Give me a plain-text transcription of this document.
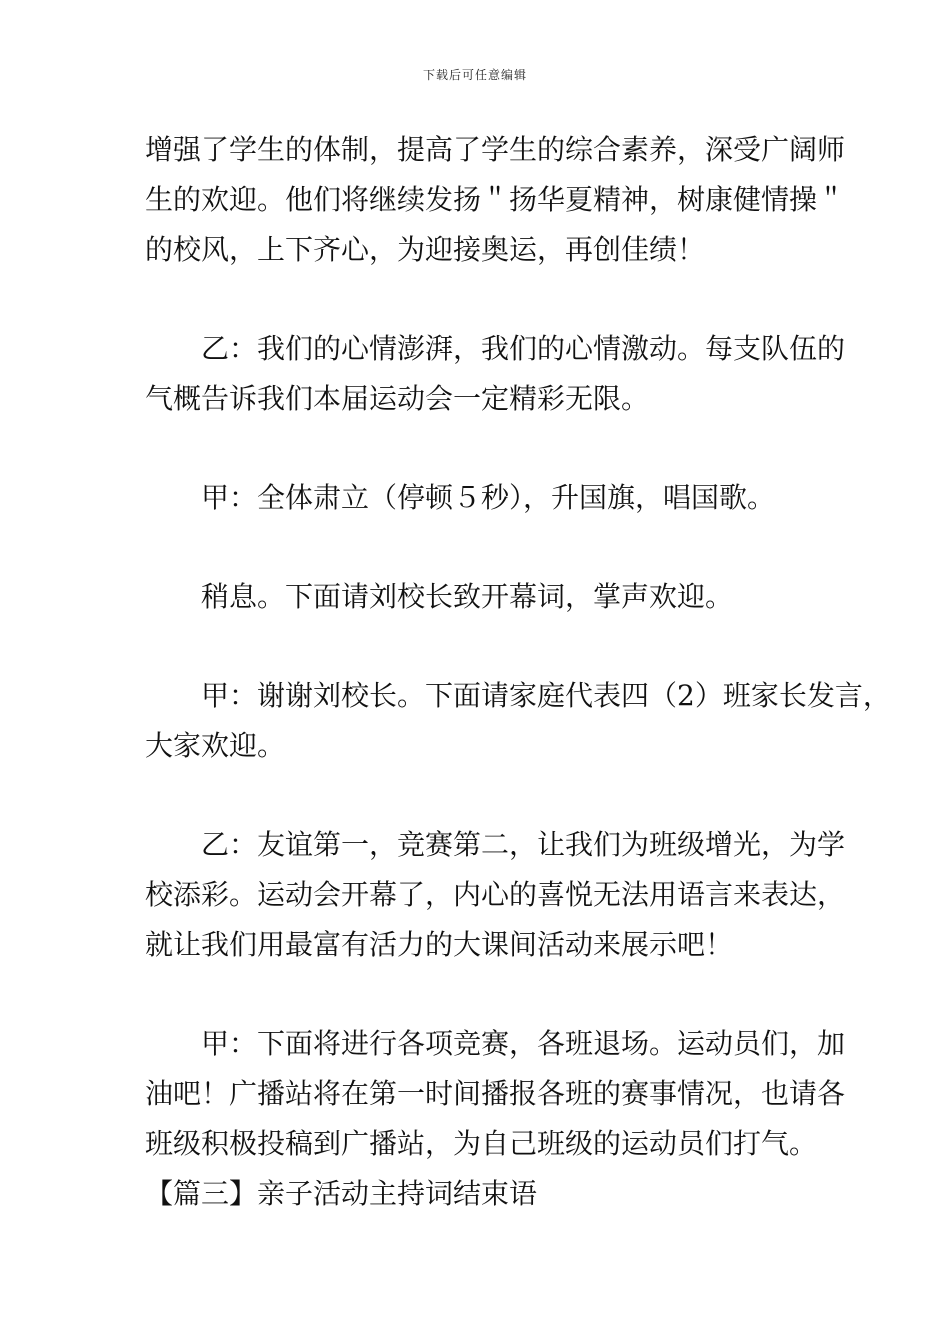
下载后可任意编辑
增强了学生的体制，提高了学生的综合素养，深受广阔师
生的欢迎。他们将继续发扬＂扬华夏精神，树康健情操＂
的校风，上下齐心，为迎接奥运，再创佳绩！
　　乙：我们的心情澎湃，我们的心情激动。每支队伍的
气概告诉我们本届运动会一定精彩无限。
　　甲：全体肃立（停顿５秒），升国旗，唱国歌。
　　稍息。下面请刘校长致开幕词，掌声欢迎。
　　甲：谢谢刘校长。下面请家庭代表四（2）班家长发言，
大家欢迎。
　　乙：友谊第一，竞赛第二，让我们为班级增光，为学
校添彩。运动会开幕了，内心的喜悦无法用语言来表达，
就让我们用最富有活力的大课间活动来展示吧！
　　甲：下面将进行各项竞赛，各班退场。运动员们，加
油吧！广播站将在第一时间播报各班的赛事情况，也请各
班级积极投稿到广播站，为自己班级的运动员们打气。
【篇三】亲子活动主持词结束语
